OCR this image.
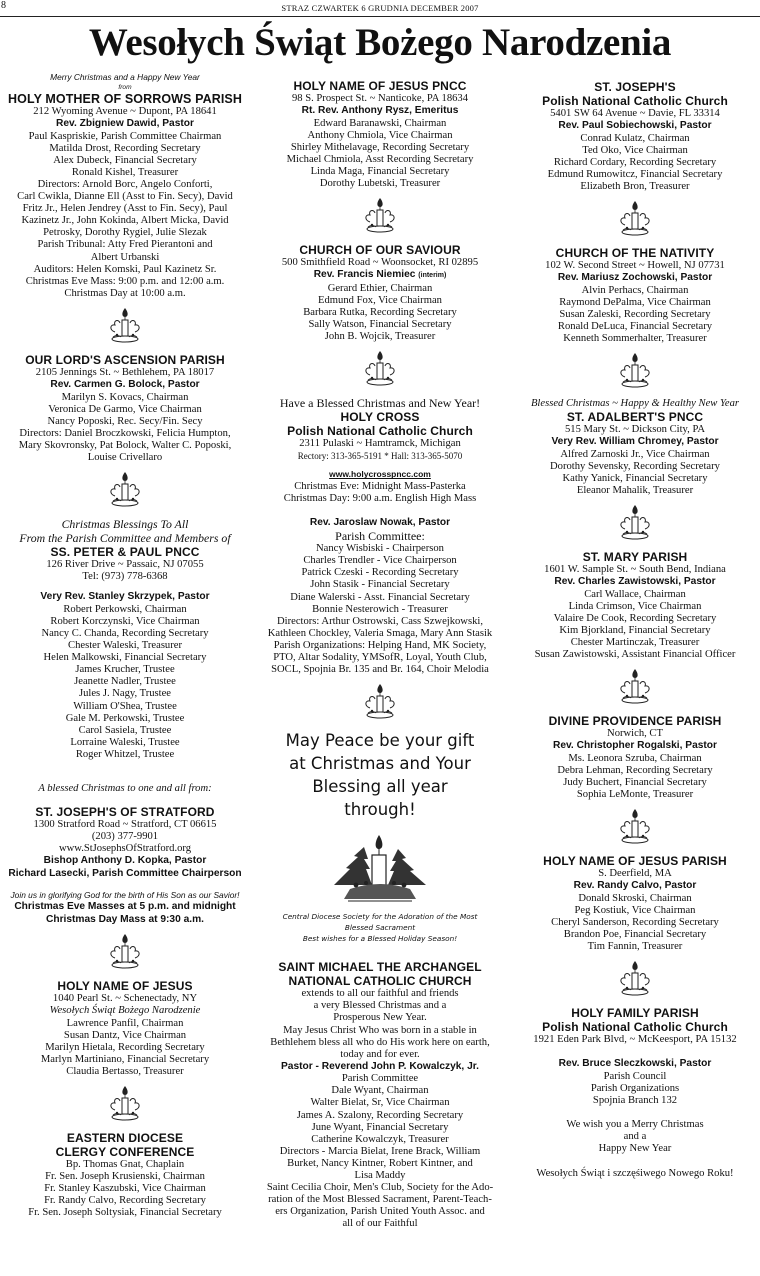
8	STRAZ CZWARTEK 6 GRUDNIA DECEMBER 2007
Wesołych Świąt Bożego Narodzenia

Merry Christmas and a Happy New Year

from

HOLY MOTHER OF SORROWS PARISH

212 Wyoming Avenue ~ Dupont, PA 18641

Rev. Zbigniew Dawid, Pastor

Paul Kaspriskie, Parish Committee Chairman

Matilda Drost, Recording Secretary

Alex Dubeck, Financial Secretary

Ronald Kishel, Treasurer

Directors: Arnold Borc, Angelo Conforti,

Carl Cwikla, Dianne Ell (Asst to Fin. Secy), David

Fritz Jr., Helen Jendrey (Asst to Fin. Secy), Paul

Kazinetz Jr., John Kokinda, Albert Micka, David

Petrosky, Dorothy Rygiel, Julie Slezak

Parish Tribunal: Atty Fred Pierantoni and

Albert Urbanski

Auditors: Helen Komski, Paul Kazinetz Sr.

Christmas Eve Mass: 9:00 p.m. and 12:00 a.m.

Christmas Day at 10:00 a.m.

OUR LORD'S ASCENSION PARISH

2105 Jennings St. ~ Bethlehem, PA 18017

Rev. Carmen G. Bolock, Pastor

Marilyn S. Kovacs, Chairman

Veronica De Garmo, Vice Chairman

Nancy Poposki, Rec. Secy/Fin. Secy

Directors: Daniel Broczkowski, Felicia Humpton,

Mary Skovronsky, Pat Bolock, Walter C. Poposki,

Louise Crivellaro

Christmas Blessings To All

From the Parish Committee and Members of

SS. PETER & PAUL PNCC

126 River Drive ~ Passaic, NJ 07055

Tel: (973) 778-6368

Very Rev. Stanley Skrzypek, Pastor

Robert Perkowski, Chairman

Robert Korczynski, Vice Chairman

Nancy C. Chanda, Recording Secretary

Chester Waleski, Treasurer

Helen Malkowski, Financial Secretary

James Krucher, Trustee

Jeanette Nadler, Trustee

Jules J. Nagy, Trustee

William O'Shea, Trustee

Gale M. Perkowski, Trustee

Carol Sasiela, Trustee

Lorraine Waleski, Trustee

Roger Whitzel, Trustee

A blessed Christmas to one and all from:

ST. JOSEPH'S OF STRATFORD

1300 Stratford Road ~ Stratford, CT 06615

(203) 377-9901

www.StJosephsOfStratford.org

Bishop Anthony D. Kopka, Pastor

Richard Lasecki, Parish Committee Chairperson

Join us in glorifying God for the birth of His Son as our Savior!

Christmas Eve Masses at 5 p.m. and midnight

Christmas Day Mass at 9:30 a.m.

HOLY NAME OF JESUS

1040 Pearl St. ~ Schenectady, NY

Wesołych Świąt Bożego Narodzenie

Lawrence Panfil, Chairman

Susan Dantz, Vice Chairman

Marilyn Hietala, Recording Secretary

Marlyn Martiniano, Financial Secretary

Claudia Bertasso, Treasurer

EASTERN DIOCESE

CLERGY CONFERENCE

Bp. Thomas Gnat, Chaplain

Fr. Sen. Joseph Krusienski, Chairman

Fr. Stanley Kaszubski, Vice Chairman

Fr. Randy Calvo, Recording Secretary

Fr. Sen. Joseph Soltysiak, Financial Secretary

HOLY NAME OF JESUS PNCC

98 S. Prospect St. ~ Nanticoke, PA 18634

Rt. Rev. Anthony Rysz, Emeritus

Edward Baranawski, Chairman

Anthony Chmiola, Vice Chairman

Shirley Mithelavage, Recording Secretary

Michael Chmiola, Asst Recording Secretary

Linda Maga, Financial Secretary

Dorothy Lubetski, Treasurer

CHURCH OF OUR SAVIOUR

500 Smithfield Road ~ Woonsocket, RI 02895

Rev. Francis Niemiec (interim)

Gerard Ethier, Chairman

Edmund Fox, Vice Chairman

Barbara Rutka, Recording Secretary

Sally Watson, Financial Secretary

John B. Wojcik, Treasurer

Have a Blessed Christmas and New Year!

HOLY CROSS

Polish National Catholic Church

2311 Pulaski ~ Hamtramck, Michigan

Rectory: 313-365-5191 * Hall: 313-365-5070

www.holycrosspncc.com

Christmas Eve: Midnight Mass-Pasterka

Christmas Day: 9:00 a.m. English High Mass

Rev. Jaroslaw Nowak, Pastor

Parish Committee:

Nancy Wisbiski - Chairperson

Charles Trendler - Vice Chairperson

Patrick Czeski - Recording Secretary

John Stasik - Financial Secretary

Diane Walerski - Asst. Financial Secretary

Bonnie Nesterowich - Treasurer

Directors: Arthur Ostrowski, Cass Szwejkowski,

Kathleen Chockley, Valeria Smaga, Mary Ann Stasik

Parish Organizations: Helping Hand, MK Society,

PTO, Altar Sodality, YMSofR, Loyal, Youth Club,

SOCL, Spojnia Br. 135 and Br. 164, Choir Melodia

May Peace be your gift

at Christmas and Your

Blessing all year

through!

Central Diocese Society for the Adoration of the Most

Blessed Sacrament

Best wishes for a Blessed Holiday Season!

SAINT MICHAEL THE ARCHANGEL

NATIONAL CATHOLIC CHURCH

extends to all our faithful and friends

a very Blessed Christmas and a

Prosperous New Year.

May Jesus Christ Who was born in a stable in

Bethlehem bless all who do His work here on earth,

today and for ever.

Pastor - Reverend John P. Kowalczyk, Jr.

Parish Committee

Dale Wyant, Chairman

Walter Bielat, Sr, Vice Chairman

James A. Szalony, Recording Secretary

June Wyant, Financial Secretary

Catherine Kowalczyk, Treasurer

Directors - Marcia Bielat, Irene Brack, William

Burket, Nancy Kintner, Robert Kintner, and

Lisa Maddy

Saint Cecilia Choir, Men's Club, Society for the Ado-

ration of the Most Blessed Sacrament, Parent-Teach-

ers Organization, Parish United Youth Assoc. and

all of our Faithful

ST. JOSEPH'S

Polish National Catholic Church

5401 SW 64 Avenue ~ Davie, FL 33314

Rev. Paul Sobiechowski, Pastor

Conrad Kulatz, Chairman

Ted Oko, Vice Chairman

Richard Cordary, Recording Secretary

Edmund Rumowitcz, Financial Secretary

Elizabeth Bron, Treasurer

CHURCH OF THE NATIVITY

102 W. Second Street ~ Howell, NJ 07731

Rev. Mariusz Zochowski, Pastor

Alvin Perhacs, Chairman

Raymond DePalma, Vice Chairman

Susan Zaleski, Recording Secretary

Ronald DeLuca, Financial Secretary

Kenneth Sommerhalter, Treasurer

Blessed Christmas ~ Happy & Healthy New Year

ST. ADALBERT'S PNCC

515 Mary St. ~ Dickson City, PA

Very Rev. William Chromey, Pastor

Alfred Zarnoski Jr., Vice Chairman

Dorothy Sevensky, Recording Secretary

Kathy Yanick, Financial Secretary

Eleanor Mahalik, Treasurer

ST. MARY PARISH

1601 W. Sample St. ~ South Bend, Indiana

Rev. Charles Zawistowski, Pastor

Carl Wallace, Chairman

Linda Crimson, Vice Chairman

Valaire De Cook, Recording Secretary

Kim Bjorkland, Financial Secretary

Chester Martinczak, Treasurer

Susan Zawistowski, Assistant Financial Officer

DIVINE PROVIDENCE PARISH

Norwich, CT

Rev. Christopher Rogalski, Pastor

Ms. Leonora Szruba, Chairman

Debra Lehman, Recording Secretary

Judy Buchert, Financial Secretary

Sophia LeMonte, Treasurer

HOLY NAME OF JESUS PARISH

S. Deerfield, MA

Rev. Randy Calvo, Pastor

Donald Skroski, Chairman

Peg Kostiuk, Vice Chairman

Cheryl Sanderson, Recording Secretary

Brandon Poe, Financial Secretary

Tim Fannin, Treasurer

HOLY FAMILY PARISH

Polish National Catholic Church

1921 Eden Park Blvd, ~ McKeesport, PA 15132

Rev. Bruce Sleczkowski, Pastor

Parish Council

Parish Organizations

Spojnia Branch 132

We wish you a Merry Christmas

and a

Happy New Year

Wesołych Świąt i szczęśiwego Nowego Roku!
